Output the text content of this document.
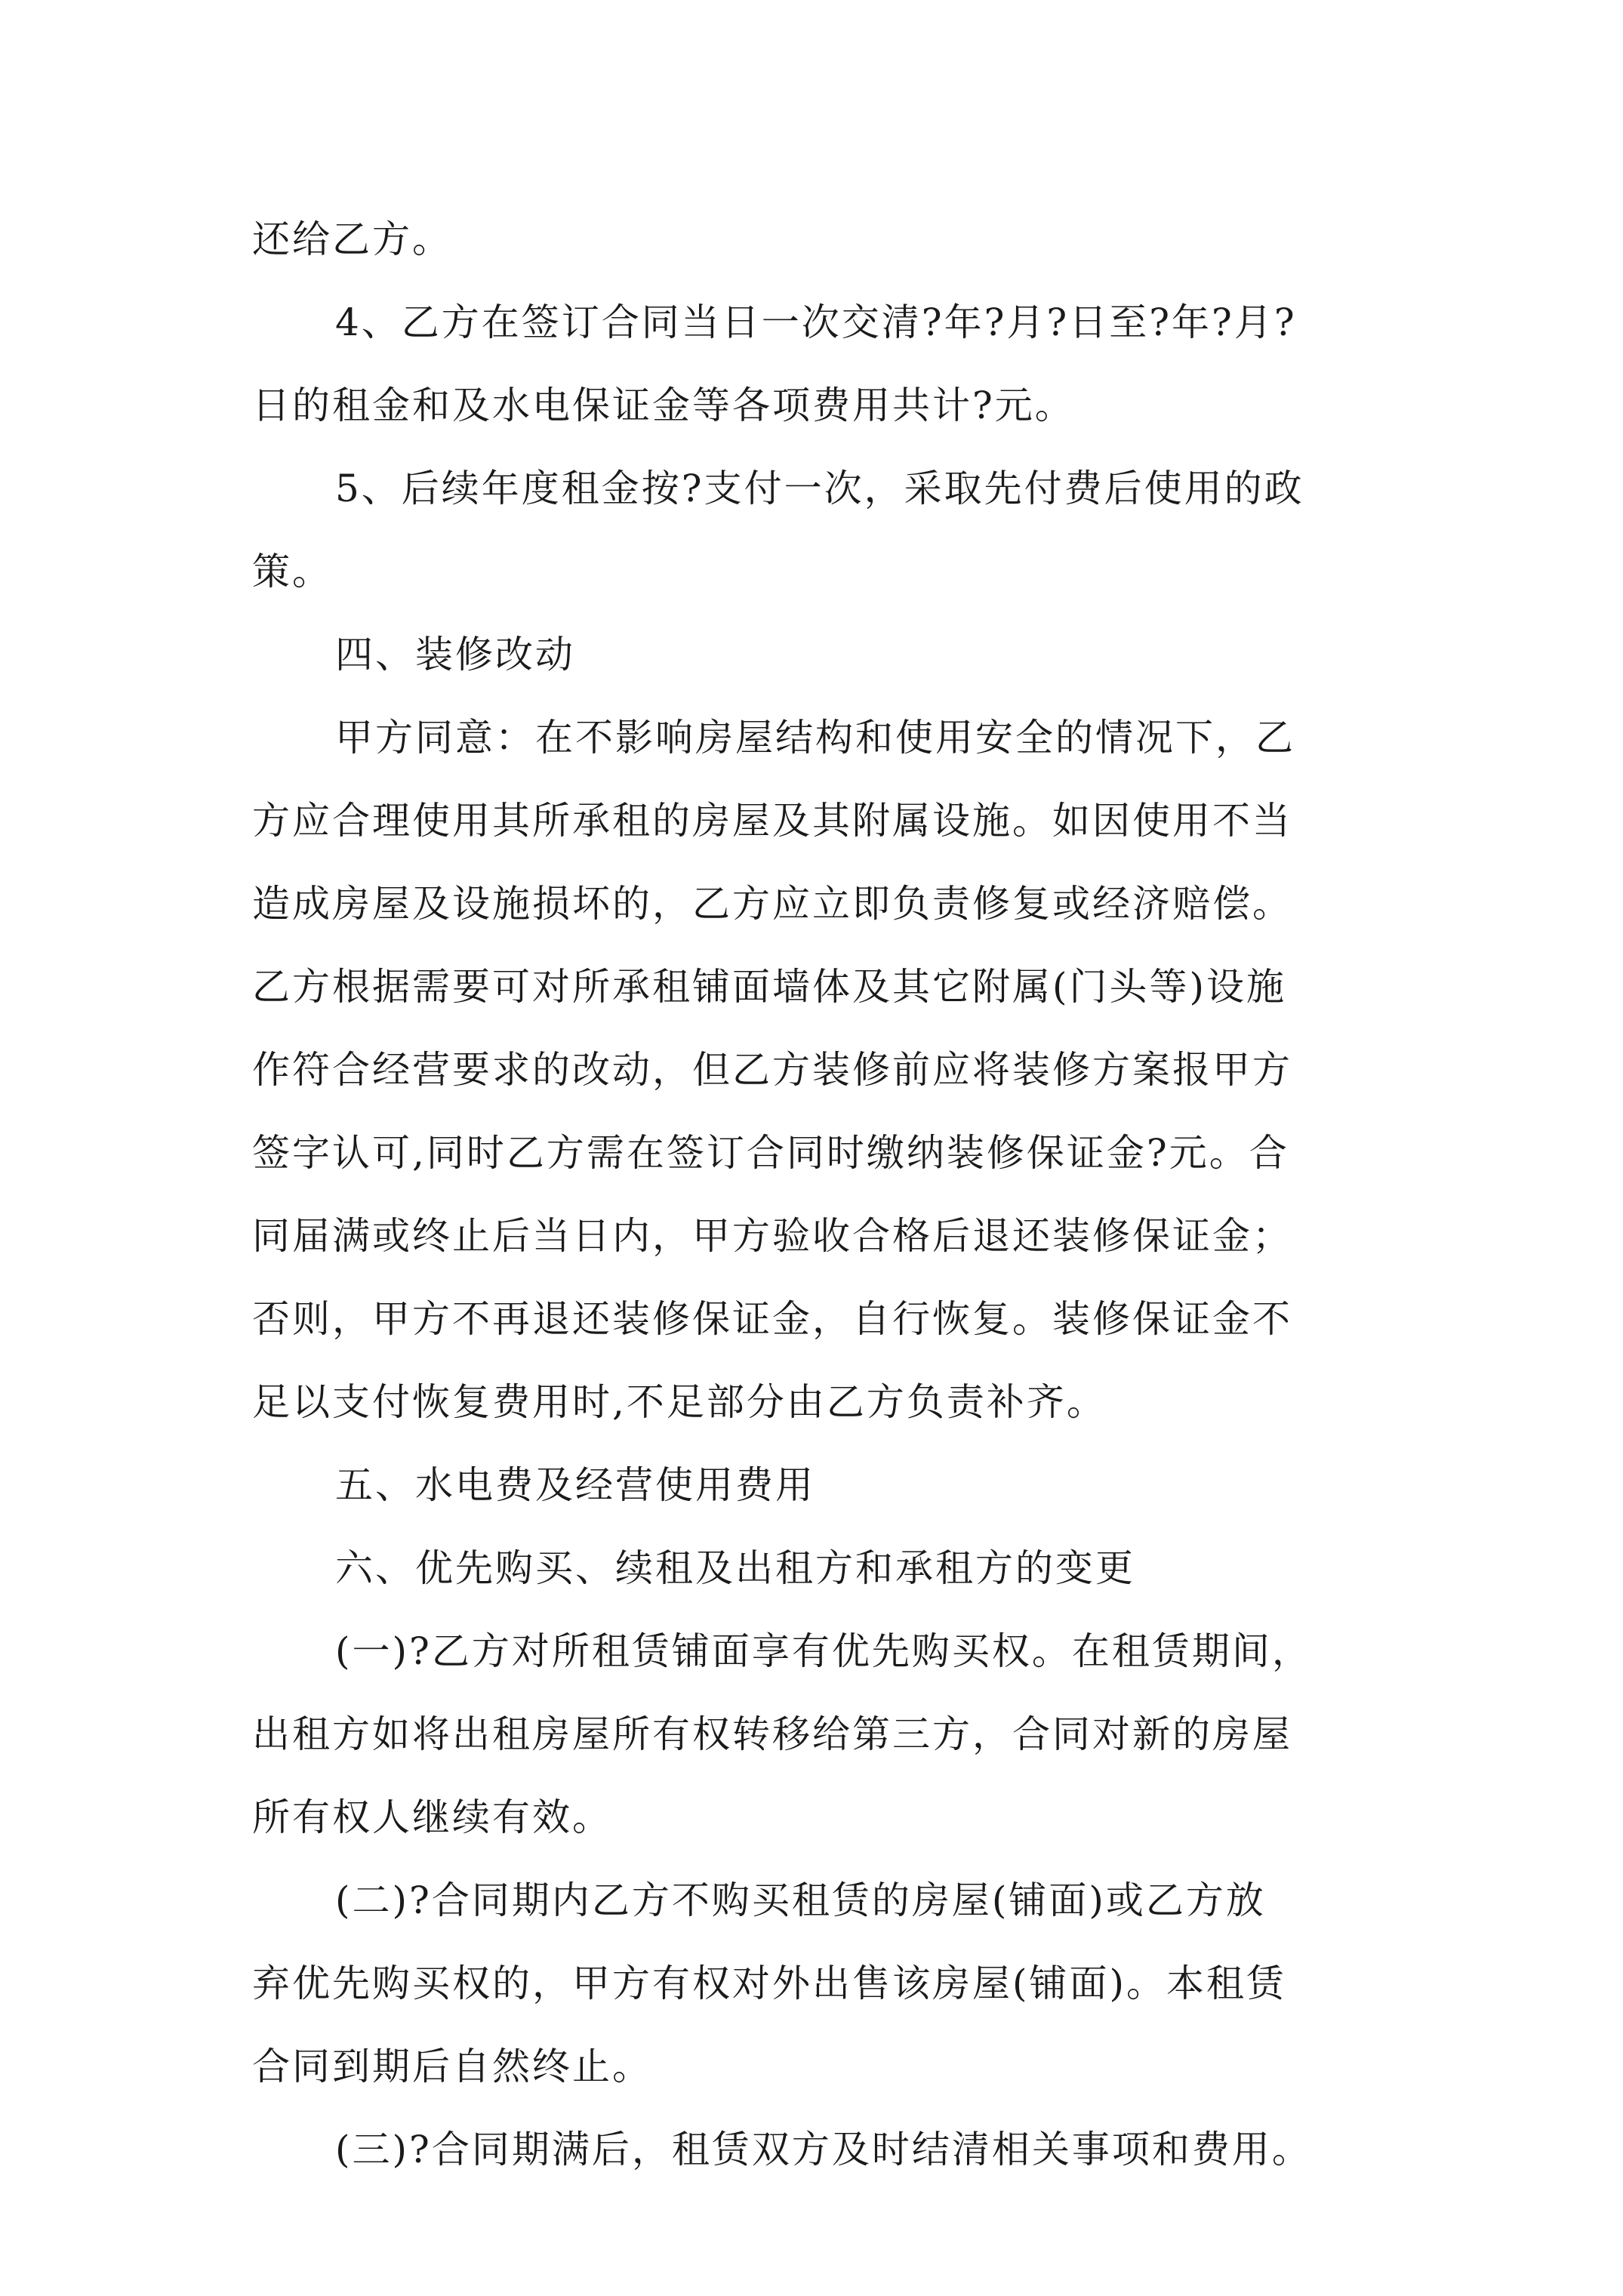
还给乙方。
4、乙方在签订合同当日一次交清?年?月?日至?年?月?
日的租金和及水电保证金等各项费用共计?元。
5、后续年度租金按?支付一次，采取先付费后使用的政
策。
四、装修改动
甲方同意：在不影响房屋结构和使用安全的情况下，乙
方应合理使用其所承租的房屋及其附属设施。如因使用不当
造成房屋及设施损坏的，乙方应立即负责修复或经济赔偿。
乙方根据需要可对所承租铺面墙体及其它附属(门头等)设施
作符合经营要求的改动，但乙方装修前应将装修方案报甲方
签字认可,同时乙方需在签订合同时缴纳装修保证金?元。合
同届满或终止后当日内，甲方验收合格后退还装修保证金；
否则，甲方不再退还装修保证金，自行恢复。装修保证金不
足以支付恢复费用时,不足部分由乙方负责补齐。
五、水电费及经营使用费用
六、优先购买、续租及出租方和承租方的变更
(一)?乙方对所租赁铺面享有优先购买权。在租赁期间，
出租方如将出租房屋所有权转移给第三方，合同对新的房屋
所有权人继续有效。
(二)?合同期内乙方不购买租赁的房屋(铺面)或乙方放
弃优先购买权的，甲方有权对外出售该房屋(铺面)。本租赁
合同到期后自然终止。
(三)?合同期满后，租赁双方及时结清相关事项和费用。
